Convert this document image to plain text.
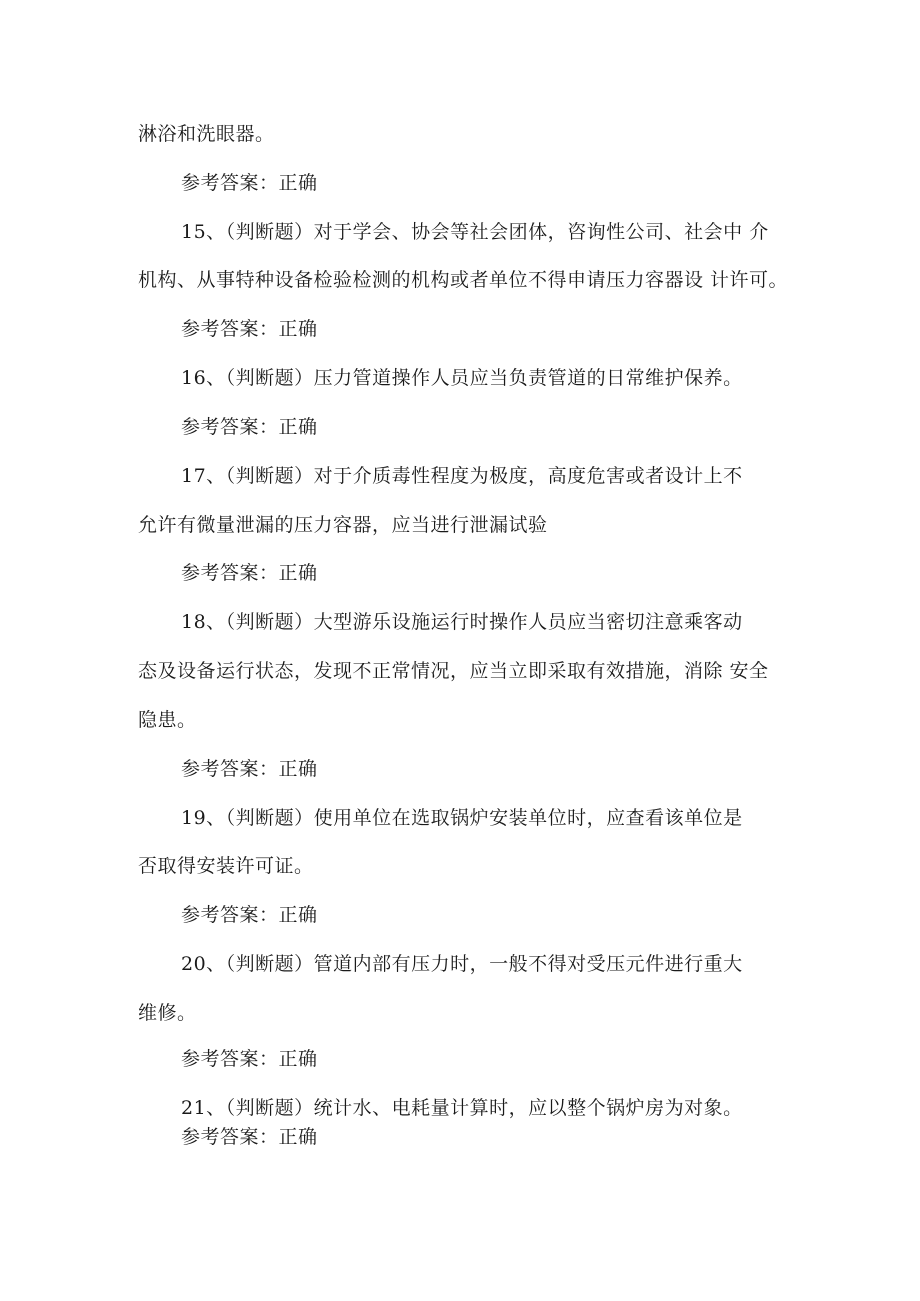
淋浴和洗眼器。
参考答案：正确
15、（判断题）对于学会、协会等社会团体，咨询性公司、社会中 介
机构、从事特种设备检验检测的机构或者单位不得申请压力容器设 计许可。
参考答案：正确
16、（判断题）压力管道操作人员应当负责管道的日常维护保养。
参考答案：正确
17、（判断题）对于介质毒性程度为极度，高度危害或者设计上不
允许有微量泄漏的压力容器，应当进行泄漏试验
参考答案：正确
18、（判断题）大型游乐设施运行时操作人员应当密切注意乘客动
态及设备运行状态，发现不正常情况，应当立即采取有效措施，消除 安全
隐患。
参考答案：正确
19、（判断题）使用单位在选取锅炉安装单位时，应查看该单位是
否取得安装许可证。
参考答案：正确
20、（判断题）管道内部有压力时，一般不得对受压元件进行重大
维修。
参考答案：正确
21、（判断题）统计水、电耗量计算时，应以整个锅炉房为对象。
参考答案：正确
